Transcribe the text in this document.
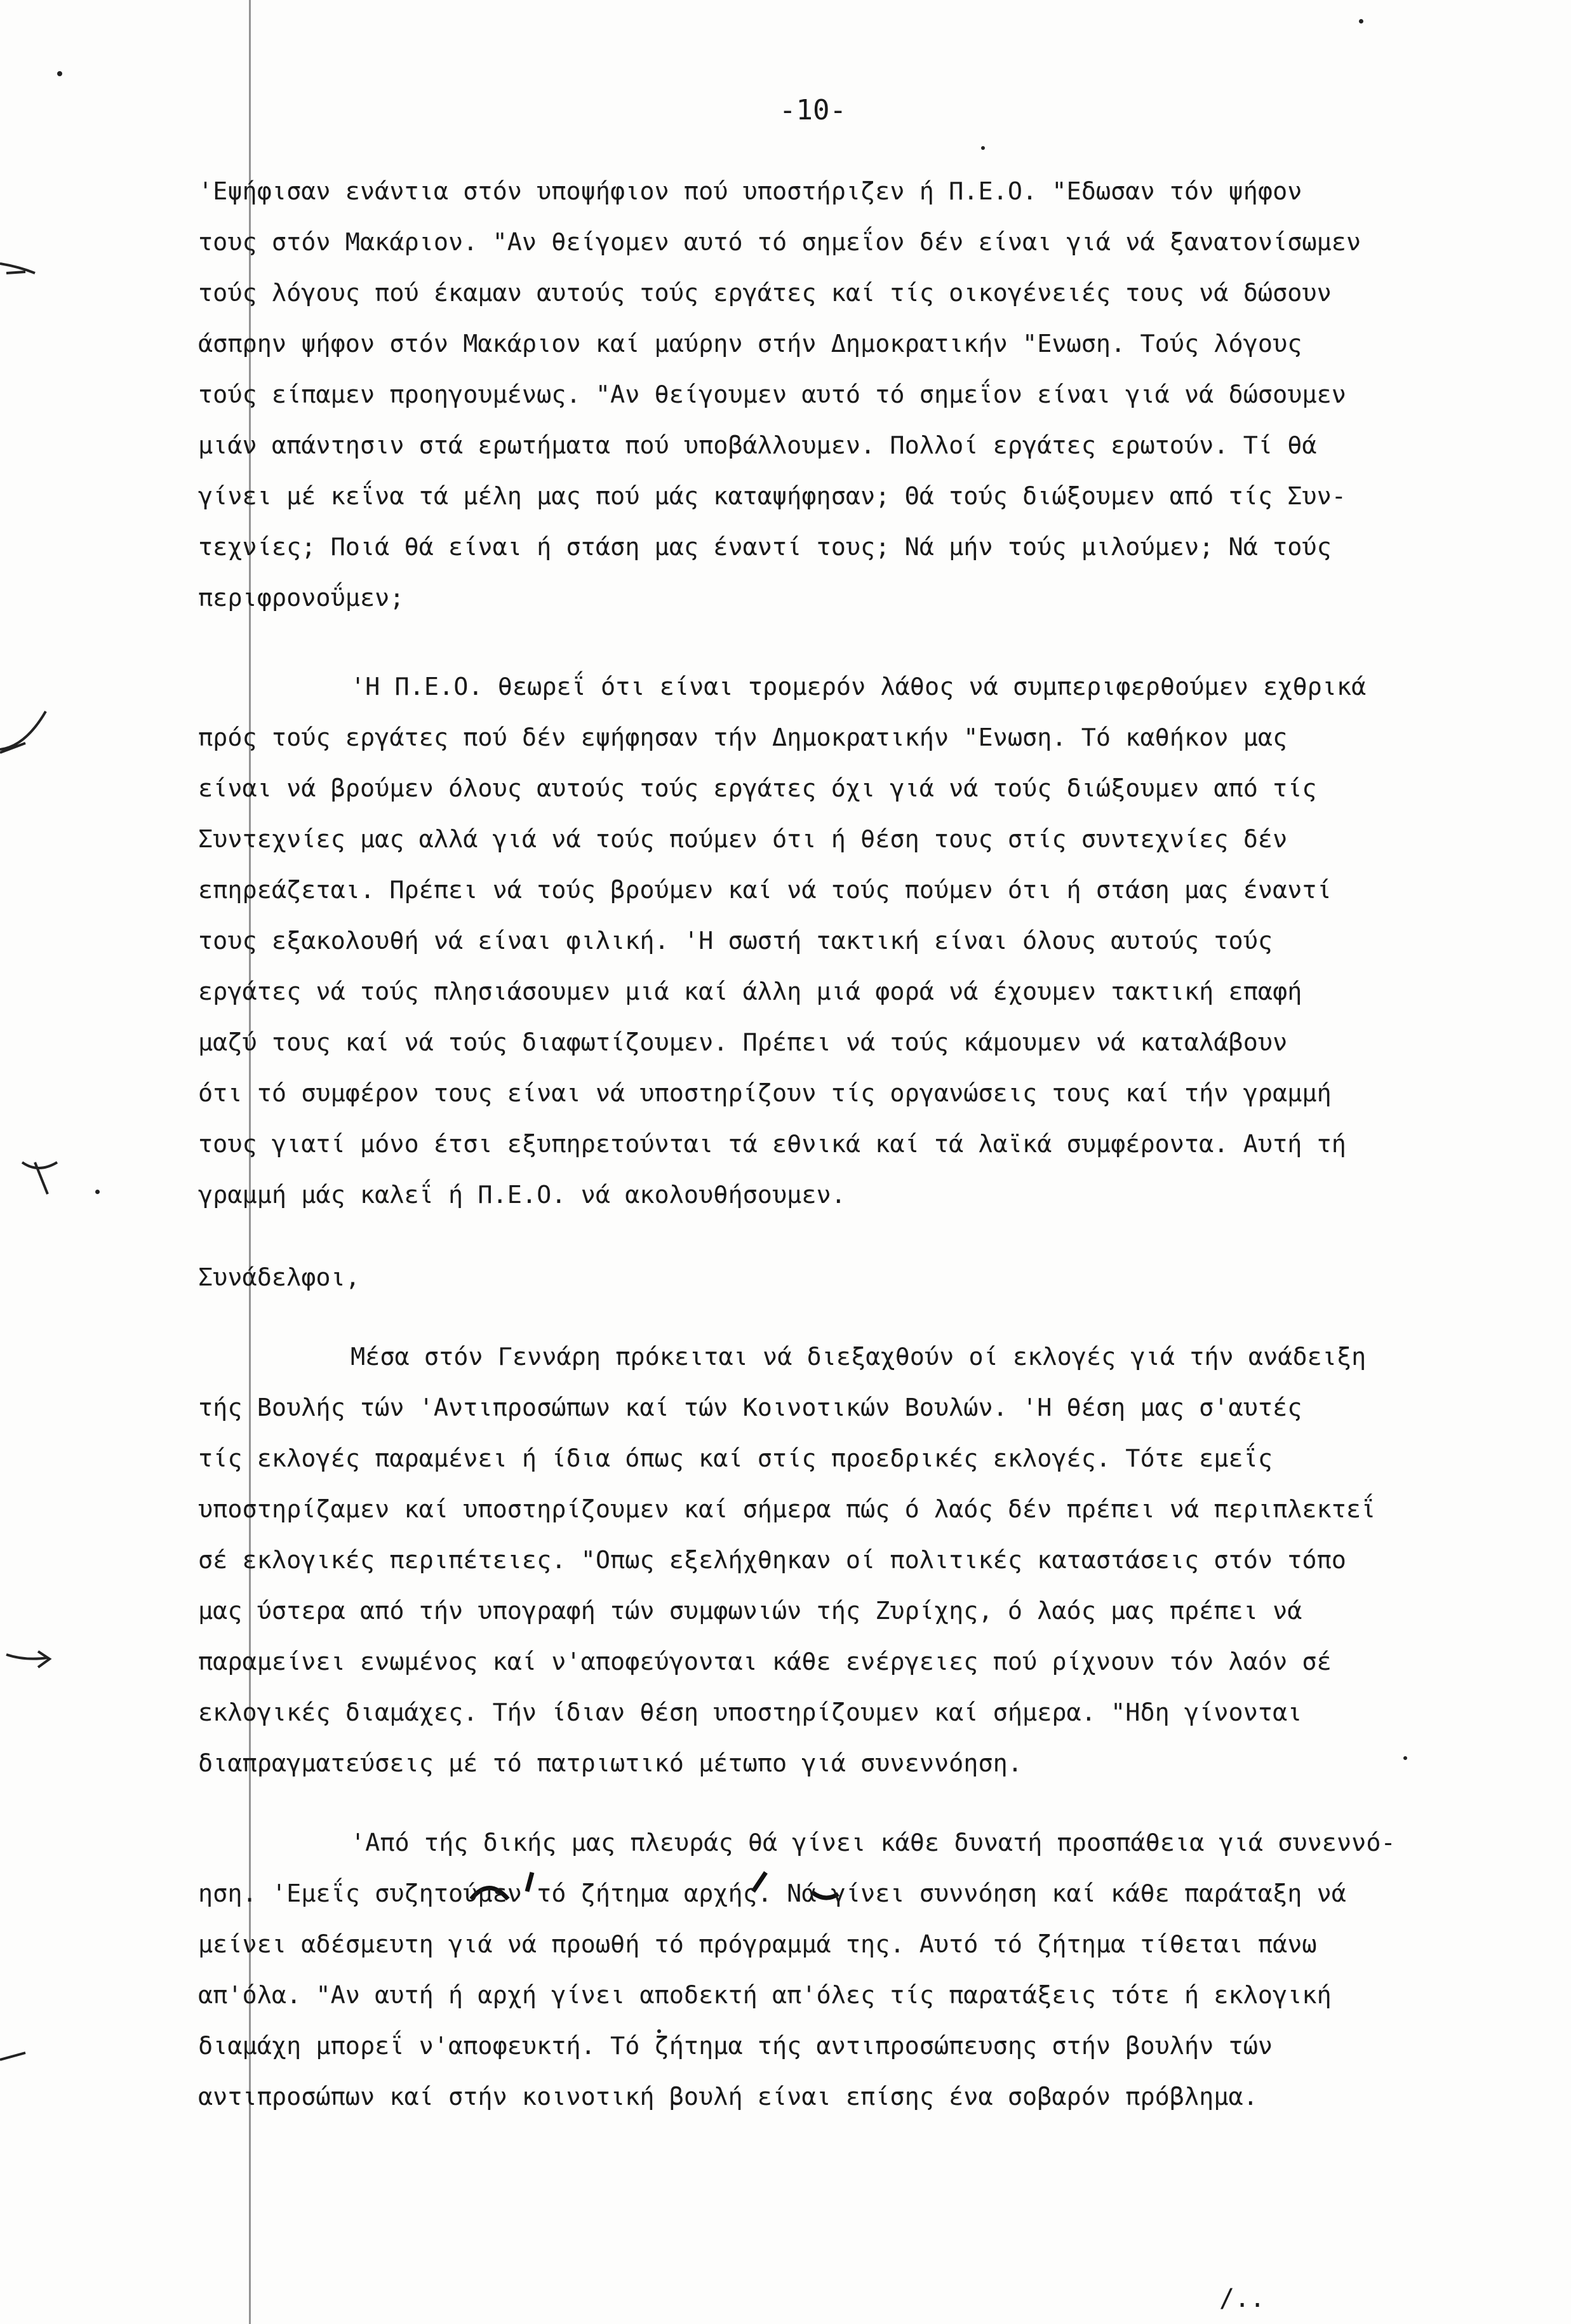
-10-
'Εψήφισαν ενάντια στόν υποψήφιον πού υποστήριζεν ή Π.Ε.Ο. "Εδωσαν τόν ψήφον
τους στόν Μακάριον. "Αν θείγομεν αυτό τό σημεΐον δέν είναι γιά νά ξανατονίσωμεν
τούς λόγους πού έκαμαν αυτούς τούς εργάτες καί τίς οικογένειές τους νά δώσουν
άσπρην ψήφον στόν Μακάριον καί μαύρην στήν Δημοκρατικήν "Ενωση. Τούς λόγους
τούς είπαμεν προηγουμένως. "Αν θείγουμεν αυτό τό σημεΐον είναι γιά νά δώσουμεν
μιάν απάντησιν στά ερωτήματα πού υποβάλλουμεν. Πολλοί εργάτες ερωτούν. Τί θά
γίνει μέ κεΐνα τά μέλη μας πού μάς καταψήφησαν; Θά τούς διώξουμεν από τίς Συν-
τεχνίες; Ποιά θά είναι ή στάση μας έναντί τους; Νά μήν τούς μιλούμεν; Νά τούς
περιφρονοΰμεν;
'Η Π.Ε.Ο. θεωρεΐ ότι είναι τρομερόν λάθος νά συμπεριφερθούμεν εχθρικά
πρός τούς εργάτες πού δέν εψήφησαν τήν Δημοκρατικήν "Ενωση. Τό καθήκον μας
είναι νά βρούμεν όλους αυτούς τούς εργάτες όχι γιά νά τούς διώξουμεν από τίς
Συντεχνίες μας αλλά γιά νά τούς πούμεν ότι ή θέση τους στίς συντεχνίες δέν
επηρεάζεται. Πρέπει νά τούς βρούμεν καί νά τούς πούμεν ότι ή στάση μας έναντί
τους εξακολουθή νά είναι φιλική. 'Η σωστή τακτική είναι όλους αυτούς τούς
εργάτες νά τούς πλησιάσουμεν μιά καί άλλη μιά φορά νά έχουμεν τακτική επαφή
μαζύ τους καί νά τούς διαφωτίζουμεν. Πρέπει νά τούς κάμουμεν νά καταλάβουν
ότι τό συμφέρον τους είναι νά υποστηρίζουν τίς οργανώσεις τους καί τήν γραμμή
τους γιατί μόνο έτσι εξυπηρετούνται τά εθνικά καί τά λαϊκά συμφέροντα. Αυτή τή
γραμμή μάς καλεΐ ή Π.Ε.Ο. νά ακολουθήσουμεν.
Συνάδελφοι,
Μέσα στόν Γεννάρη πρόκειται νά διεξαχθούν οί εκλογές γιά τήν ανάδειξη
τής Βουλής τών 'Αντιπροσώπων καί τών Κοινοτικών Βουλών. 'Η θέση μας σ'αυτές
τίς εκλογές παραμένει ή ίδια όπως καί στίς προεδρικές εκλογές. Τότε εμεΐς
υποστηρίζαμεν καί υποστηρίζουμεν καί σήμερα πώς ό λαός δέν πρέπει νά περιπλεκτεΐ
σέ εκλογικές περιπέτειες. "Οπως εξελήχθηκαν οί πολιτικές καταστάσεις στόν τόπο
μας ύστερα από τήν υπογραφή τών συμφωνιών τής Ζυρίχης, ό λαός μας πρέπει νά
παραμείνει ενωμένος καί ν'αποφεύγονται κάθε ενέργειες πού ρίχνουν τόν λαόν σέ
εκλογικές διαμάχες. Τήν ίδιαν θέση υποστηρίζουμεν καί σήμερα. "Ηδη γίνονται
διαπραγματεύσεις μέ τό πατριωτικό μέτωπο γιά συνεννόηση.
'Από τής δικής μας πλευράς θά γίνει κάθε δυνατή προσπάθεια γιά συνεννό-
ηση. 'Εμεΐς συζητούμεν τό ζήτημα αρχής. Νά γίνει συννόηση καί κάθε παράταξη νά
μείνει αδέσμευτη γιά νά προωθή τό πρόγραμμά της. Αυτό τό ζήτημα τίθεται πάνω
απ'όλα. "Αν αυτή ή αρχή γίνει αποδεκτή απ'όλες τίς παρατάξεις τότε ή εκλογική
διαμάχη μπορεΐ ν'αποφευκτή. Τό ζήτημα τής αντιπροσώπευσης στήν βουλήν τών
αντιπροσώπων καί στήν κοινοτική βουλή είναι επίσης ένα σοβαρόν πρόβλημα.
/..
